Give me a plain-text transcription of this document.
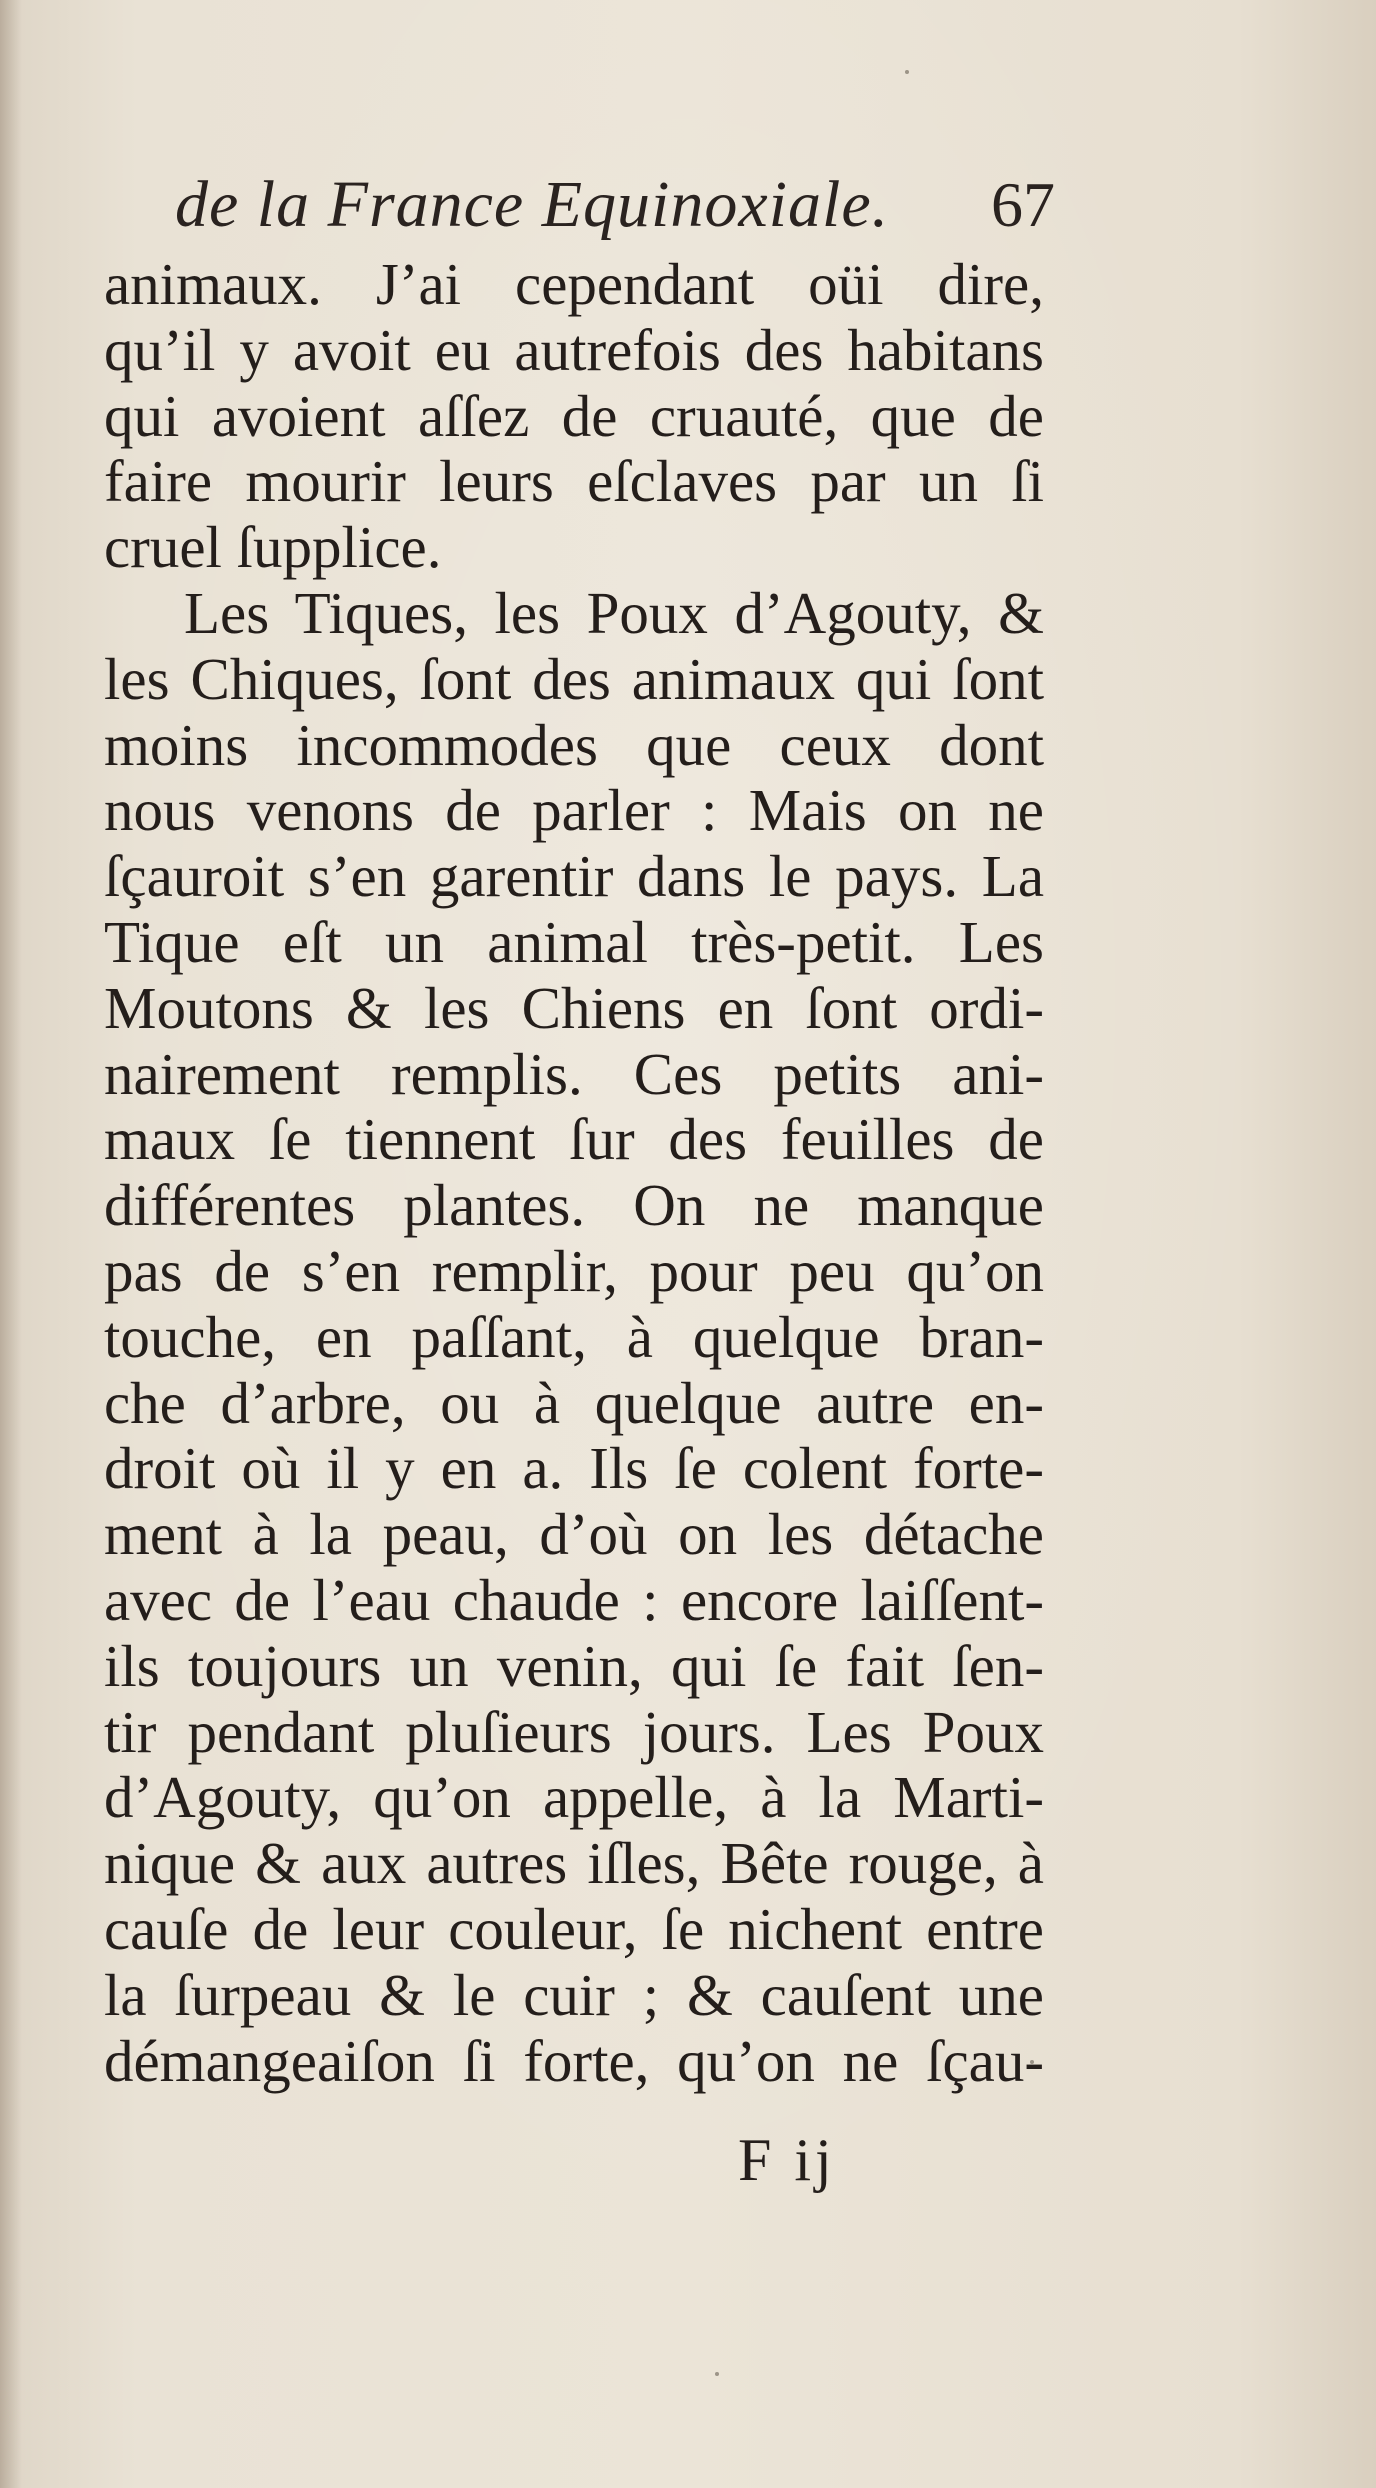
de la France Equinoxiale. 67
animaux. J’ai cependant oüi dire,
qu’il y avoit eu autrefois des habitans
qui avoient aſſez de cruauté, que de
faire mourir leurs eſclaves par un ſi
cruel ſupplice.
Les Tiques, les Poux d’Agouty, &
les Chiques, ſont des animaux qui ſont
moins incommodes que ceux dont
nous venons de parler : Mais on ne
ſçauroit s’en garentir dans le pays. La
Tique eſt un animal très-petit. Les
Moutons & les Chiens en ſont ordi-
nairement remplis. Ces petits ani-
maux ſe tiennent ſur des feuilles de
différentes plantes. On ne manque
pas de s’en remplir, pour peu qu’on
touche, en paſſant, à quelque bran-
che d’arbre, ou à quelque autre en-
droit où il y en a. Ils ſe colent forte-
ment à la peau, d’où on les détache
avec de l’eau chaude : encore laiſſent-
ils toujours un venin, qui ſe fait ſen-
tir pendant pluſieurs jours. Les Poux
d’Agouty, qu’on appelle, à la Marti-
nique & aux autres iſles, Bête rouge, à
cauſe de leur couleur, ſe nichent entre
la ſurpeau & le cuir ; & cauſent une
démangeaiſon ſi forte, qu’on ne ſçau-
F ij
